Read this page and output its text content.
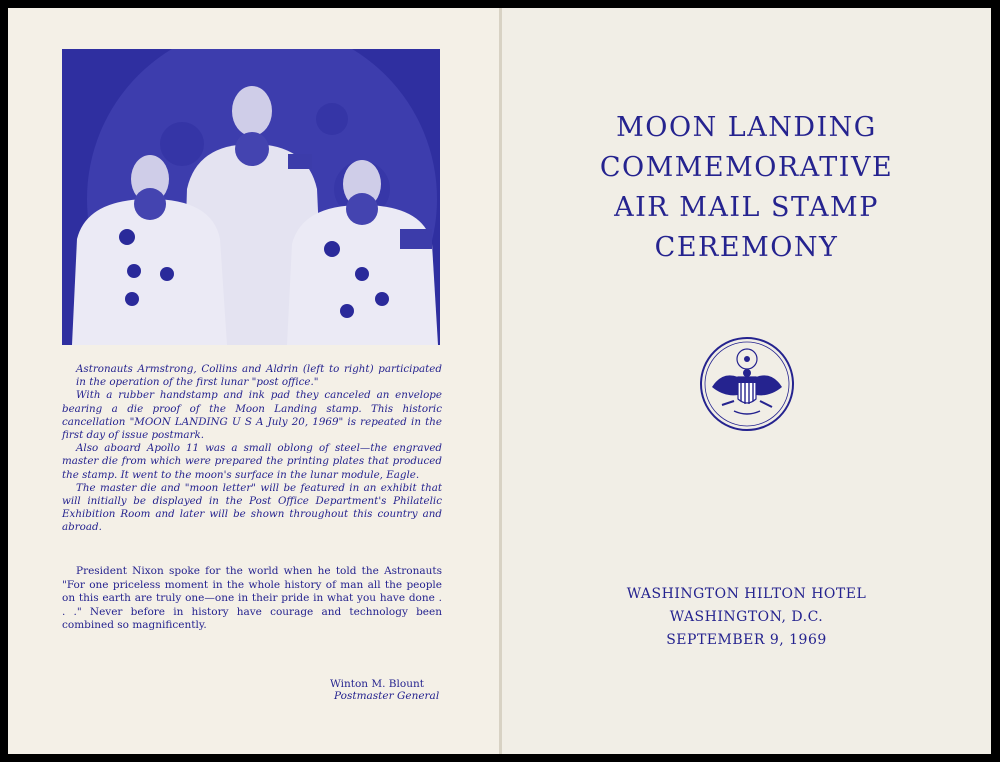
Astronauts Armstrong, Collins and Aldrin (left to right) participated in the operation of the first lunar "post office."

With a rubber handstamp and ink pad they canceled an envelope bearing a die proof of the Moon Landing stamp. This historic cancellation "MOON LANDING U S A July 20, 1969" is repeated in the first day of issue postmark.

Also aboard Apollo 11 was a small oblong of steel—the engraved master die from which were prepared the printing plates that produced the stamp. It went to the moon's surface in the lunar module, Eagle.

The master die and "moon letter" will be featured in an exhibit that will initially be displayed in the Post Office Department's Philatelic Exhibition Room and later will be shown throughout this country and abroad.

President Nixon spoke for the world when he told the Astronauts "For one priceless moment in the whole history of man all the people on this earth are truly one—one in their pride in what you have done . . ." Never before in history have courage and technology been combined so magnificently.

Winton M. Blount
Postmaster General
MOON LANDING
COMMEMORATIVE
AIR MAIL STAMP
CEREMONY
WASHINGTON HILTON HOTEL
WASHINGTON, D.C.
SEPTEMBER 9, 1969
